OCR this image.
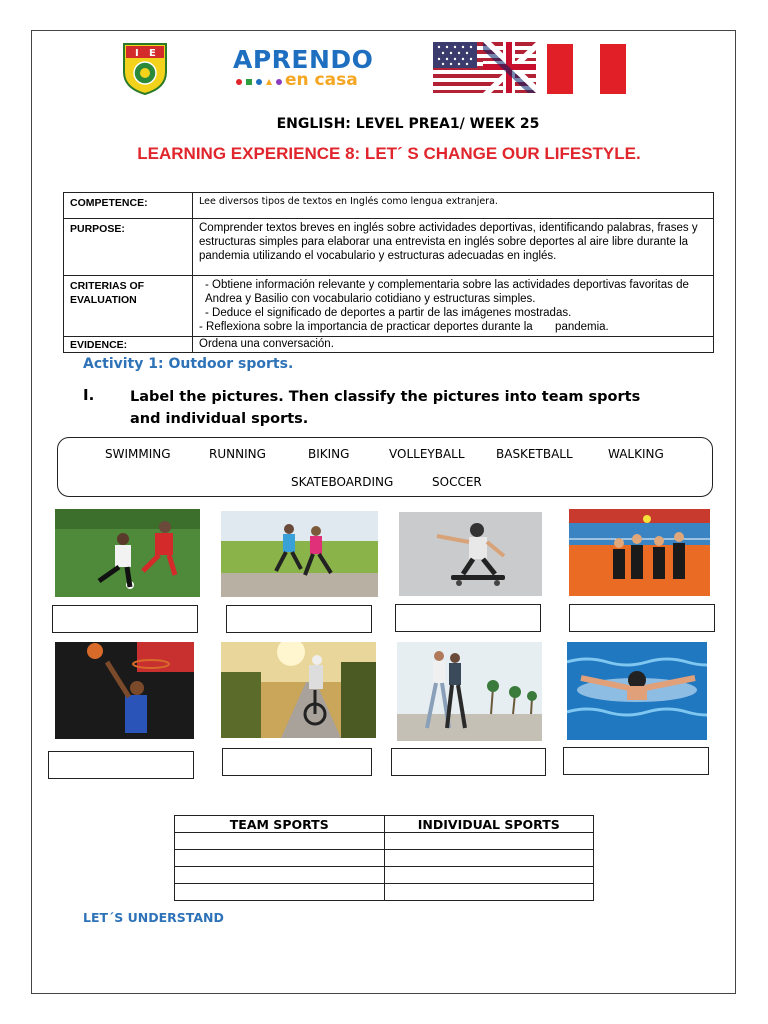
I E	APRENDO
en casa
ENGLISH: LEVEL PREA1/ WEEK 25
LEARNING EXPERIENCE 8: LET´ S CHANGE OUR LIFESTYLE.
COMPETENCE:	Lee diversos tipos de textos en Inglés como lengua extranjera.
PURPOSE:	Comprender textos breves en inglés sobre actividades deportivas, identificando palabras, frases y estructuras simples para elaborar una entrevista en inglés sobre deportes al aire libre durante la pandemia utilizando el vocabulario y estructuras adecuadas en inglés.
CRITERIAS OF EVALUATION	- Obtiene información relevante y complementaria sobre las actividades deportivas favoritas de Andrea y Basilio con vocabulario cotidiano y estructuras simples.
- Deduce el significado de deportes a partir de las imágenes mostradas.
- Reflexiona sobre la importancia de practicar deportes durante la       pandemia.

EVIDENCE:	Ordena una conversación.
Activity 1: Outdoor sports.
I. Label the pictures. Then classify the pictures into team sports and individual sports.
SWIMMING	RUNNING	BIKING	VOLLEYBALL	BASKETBALL	WALKING
SKATEBOARDING	SOCCER
TEAM SPORTS	INDIVIDUAL SPORTS

LET´S UNDERSTAND
